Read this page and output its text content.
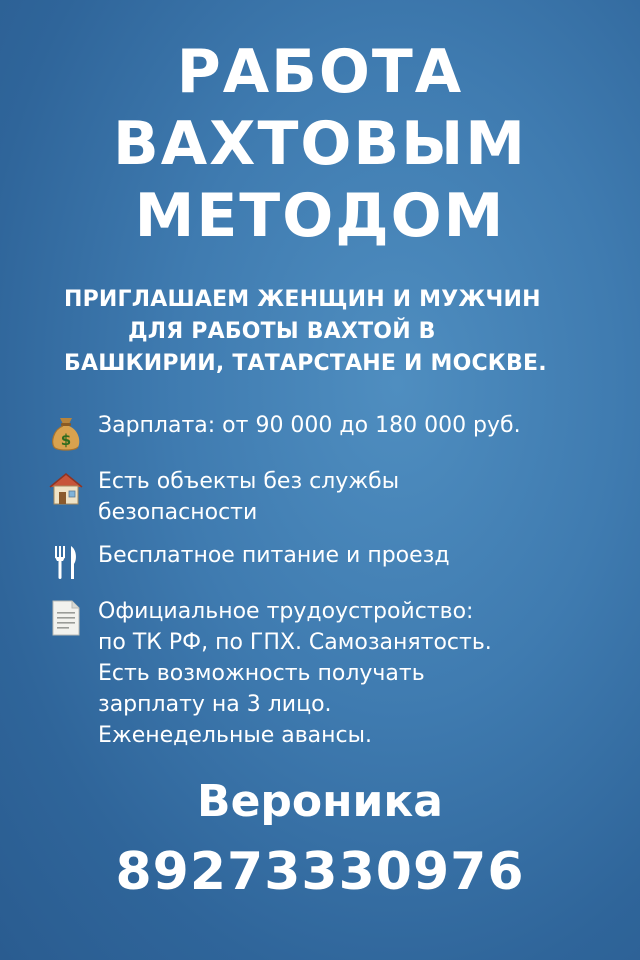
РАБОТА
ВАХТОВЫМ
МЕТОДОМ
ПРИГЛАШАЕМ ЖЕНЩИН И МУЖЧИН
ДЛЯ РАБОТЫ ВАХТОЙ В
БАШКИРИИ, ТАТАРСТАНЕ И МОСКВЕ.
$
Зарплата: от 90 000 до 180 000 руб.
Есть объекты без службы
безопасности
Бесплатное питание и проезд
Официальное трудоустройство:
по ТК РФ, по ГПХ. Самозанятость.
Есть возможность получать
зарплату на 3 лицо.
Еженедельные авансы.
Вероника
89273330976
